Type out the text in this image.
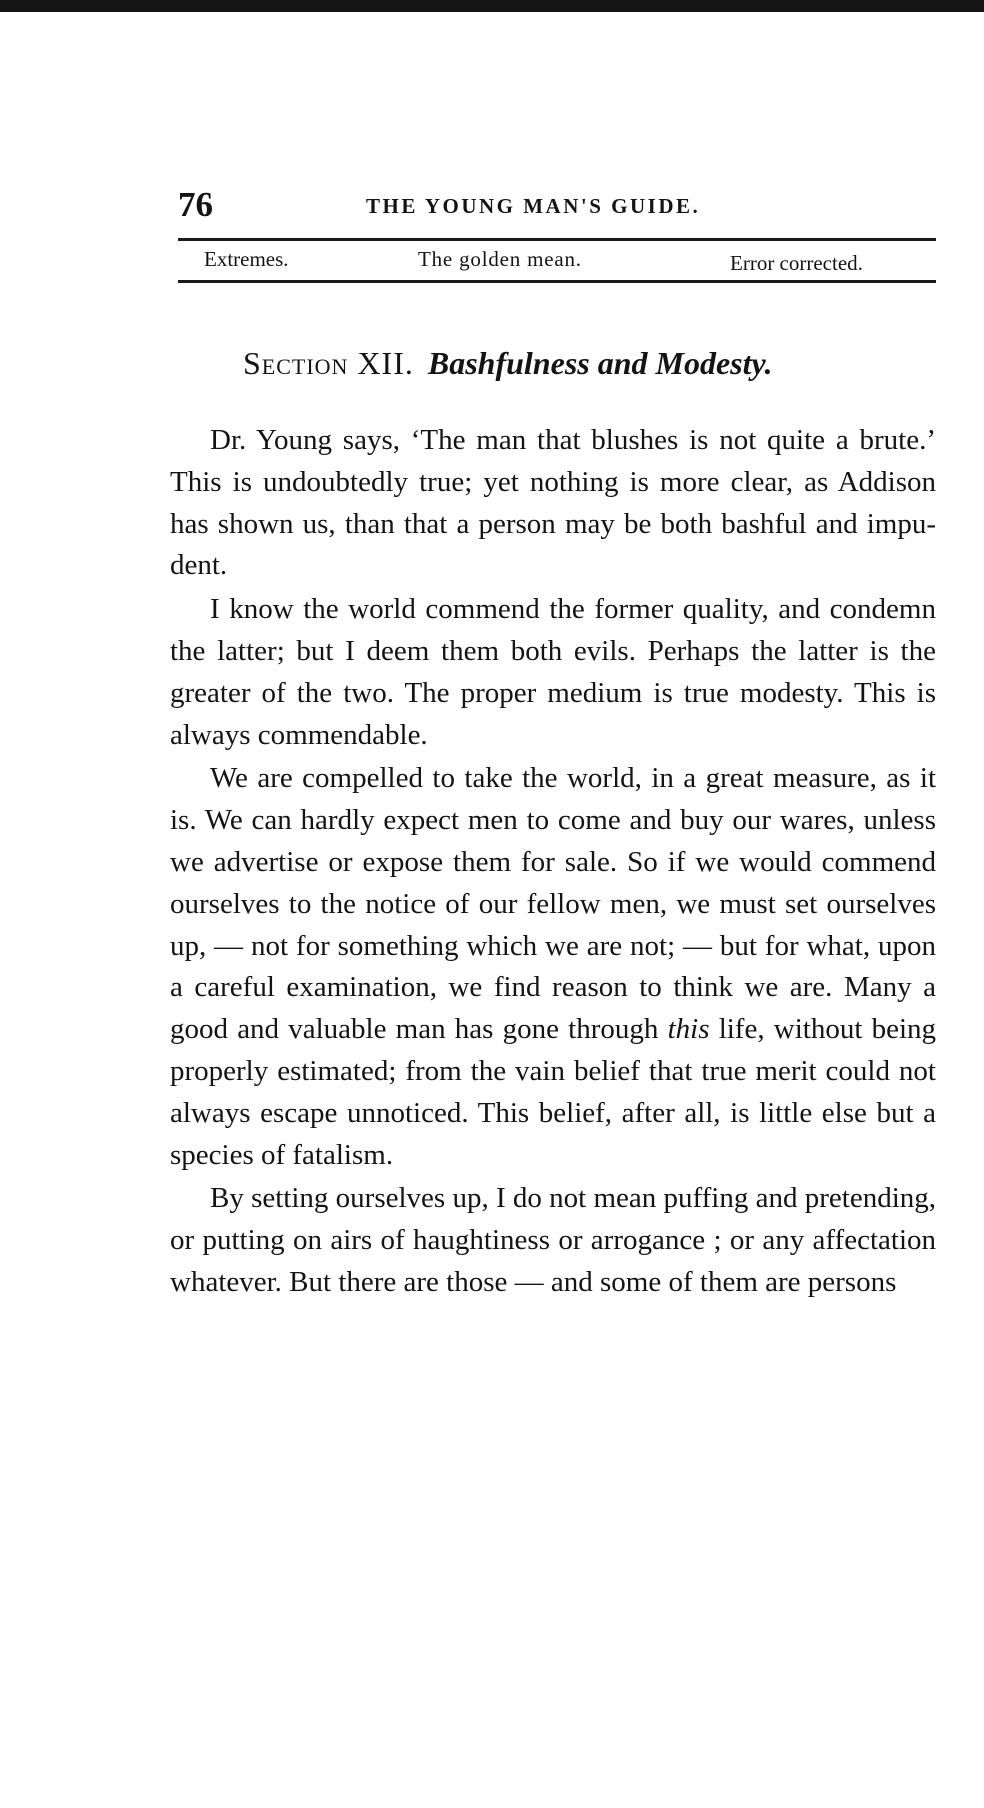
76	THE YOUNG MAN'S GUIDE.
Extremes.	The golden mean.	Error corrected.
Section XII. Bashfulness and Modesty.

Dr. Young says, ‘The man that blushes is not quite a brute.’ This is undoubtedly true; yet nothing is more clear, as Addison has shown us, than that a person may be both bashful and impudent.

I know the world commend the former quality, and condemn the latter; but I deem them both evils. Perhaps the latter is the greater of the two. The proper medium is true modesty. This is always commendable.

We are compelled to take the world, in a great measure, as it is. We can hardly expect men to come and buy our wares, unless we advertise or expose them for sale. So if we would commend ourselves to the notice of our fellow men, we must set ourselves up, — not for something which we are not; — but for what, upon a careful examination, we find reason to think we are. Many a good and valuable man has gone through this life, without being properly estimated; from the vain belief that true merit could not always escape unnoticed. This belief, after all, is little else but a species of fatalism.

By setting ourselves up, I do not mean puffing and pretending, or putting on airs of haughtiness or arrogance ; or any affectation whatever. But there are those — and some of them are persons
